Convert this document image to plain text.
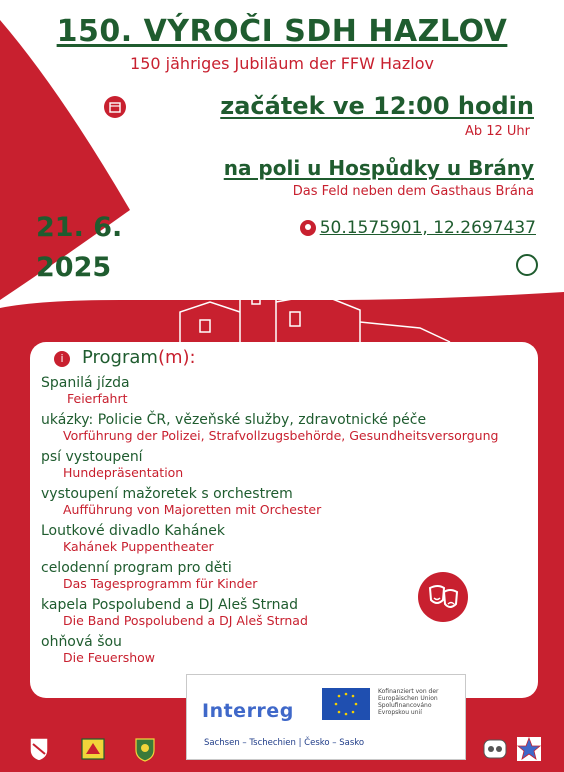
150. VÝROČI SDH HAZLOV
150 jähriges Jubiläum der FFW Hazlov
začátek ve 12:00 hodin
Ab 12 Uhr
na poli u Hospůdky u Brány
Das Feld neben dem Gasthaus Brána
21. 6.
2025
50.1575901, 12.2697437
i	Program(m):
Spanilá jízda
Feierfahrt
ukázky: Policie ČR, vězeňské služby, zdravotnické péče
Vorführung der Polizei, Strafvollzugsbehörde, Gesundheitsversorgung
psí vystoupení
Hundepräsentation
vystoupení mažoretek s orchestrem
Aufführung von Majoretten mit Orchester
Loutkové divadlo Kahánek
Kahánek Puppentheater
celodenní program pro děti
Das Tagesprogramm für Kinder
kapela Pospolubend a DJ Aleš Strnad
Die Band Pospolubend a DJ Aleš Strnad
ohňová šou
Die Feuershow
Interreg
Kofinanziert von der Europäischen Union Spolufinancováno Evropskou unií
Sachsen – Tschechien | Česko – Sasko
